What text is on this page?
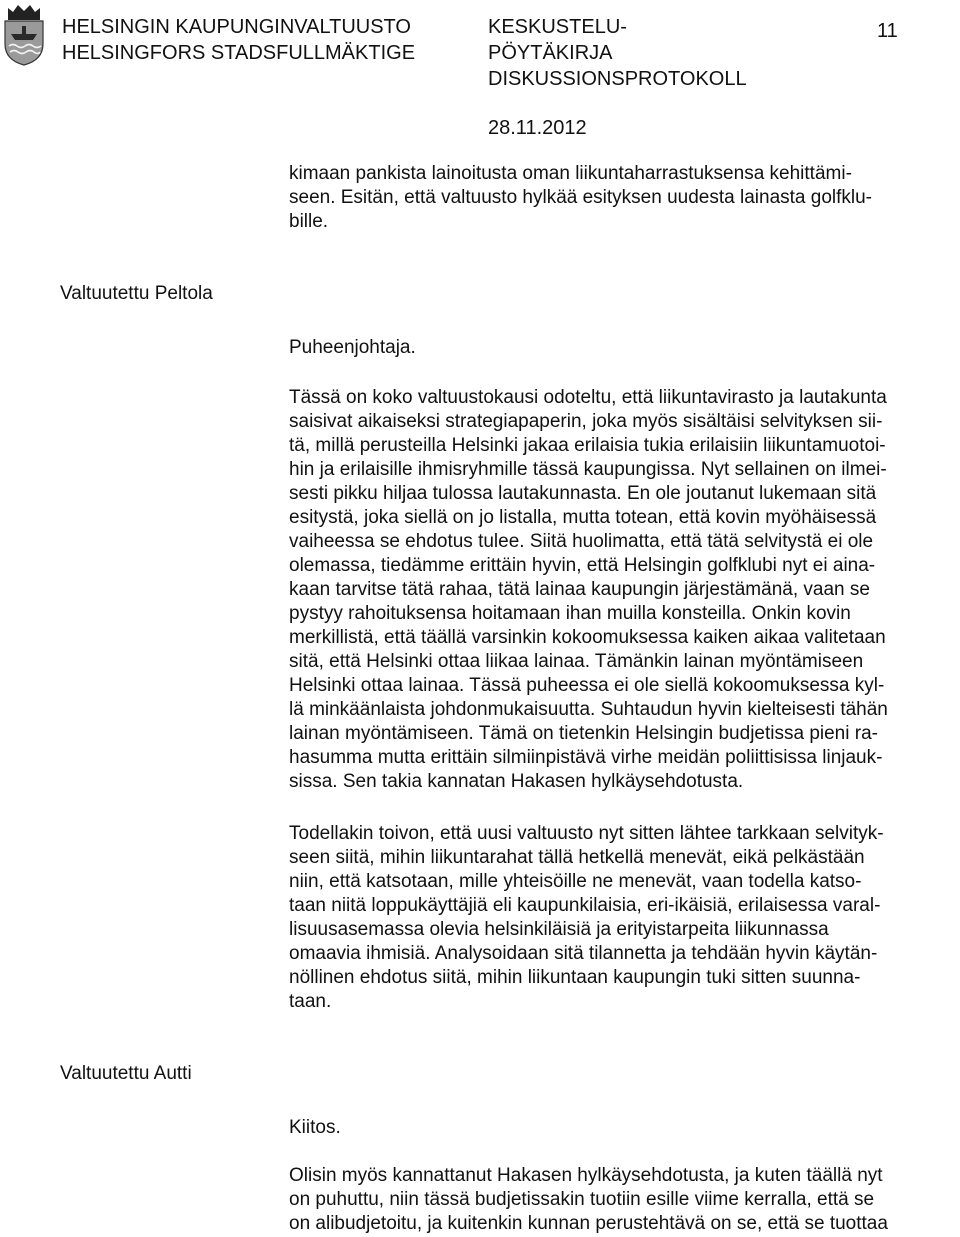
HELSINGIN KAUPUNGINVALTUUSTO
HELSINGFORS STADSFULLMÄKTIGE
KESKUSTELU-
PÖYTÄKIRJA
DISKUSSIONSPROTOKOLL
28.11.2012
11

kimaan pankista lainoitusta oman liikuntaharrastuksensa kehittämi-
seen. Esitän, että valtuusto hylkää esityksen uudesta lainasta golfklu-
bille.

Valtuutettu Peltola

Puheenjohtaja.

Tässä on koko valtuustokausi odoteltu, että liikuntavirasto ja lautakunta
saisivat aikaiseksi strategiapaperin, joka myös sisältäisi selvityksen sii-
tä, millä perusteilla Helsinki jakaa erilaisia tukia erilaisiin liikuntamuotoi-
hin ja erilaisille ihmisryhmille tässä kaupungissa. Nyt sellainen on ilmei-
sesti pikku hiljaa tulossa lautakunnasta. En ole joutanut lukemaan sitä
esitystä, joka siellä on jo listalla, mutta totean, että kovin myöhäisessä
vaiheessa se ehdotus tulee. Siitä huolimatta, että tätä selvitystä ei ole
olemassa, tiedämme erittäin hyvin, että Helsingin golfklubi nyt ei aina-
kaan tarvitse tätä rahaa, tätä lainaa kaupungin järjestämänä, vaan se
pystyy rahoituksensa hoitamaan ihan muilla konsteilla. Onkin kovin
merkillistä, että täällä varsinkin kokoomuksessa kaiken aikaa valitetaan
sitä, että Helsinki ottaa liikaa lainaa. Tämänkin lainan myöntämiseen
Helsinki ottaa lainaa. Tässä puheessa ei ole siellä kokoomuksessa kyl-
lä minkäänlaista johdonmukaisuutta. Suhtaudun hyvin kielteisesti tähän
lainan myöntämiseen. Tämä on tietenkin Helsingin budjetissa pieni ra-
hasumma mutta erittäin silmiinpistävä virhe meidän poliittisissa linjauk-
sissa. Sen takia kannatan Hakasen hylkäysehdotusta.

Todellakin toivon, että uusi valtuusto nyt sitten lähtee tarkkaan selvityk-
seen siitä, mihin liikuntarahat tällä hetkellä menevät, eikä pelkästään
niin, että katsotaan, mille yhteisöille ne menevät, vaan todella katso-
taan niitä loppukäyttäjiä eli kaupunkilaisia, eri-ikäisiä, erilaisessa varal-
lisuusasemassa olevia helsinkiläisiä ja erityistarpeita liikunnassa
omaavia ihmisiä. Analysoidaan sitä tilannetta ja tehdään hyvin käytän-
nöllinen ehdotus siitä, mihin liikuntaan kaupungin tuki sitten suunna-
taan.

Valtuutettu Autti

Kiitos.

Olisin myös kannattanut Hakasen hylkäysehdotusta, ja kuten täällä nyt
on puhuttu, niin tässä budjetissakin tuotiin esille viime kerralla, että se
on alibudjetoitu, ja kuitenkin kunnan perustehtävä on se, että se tuottaa
